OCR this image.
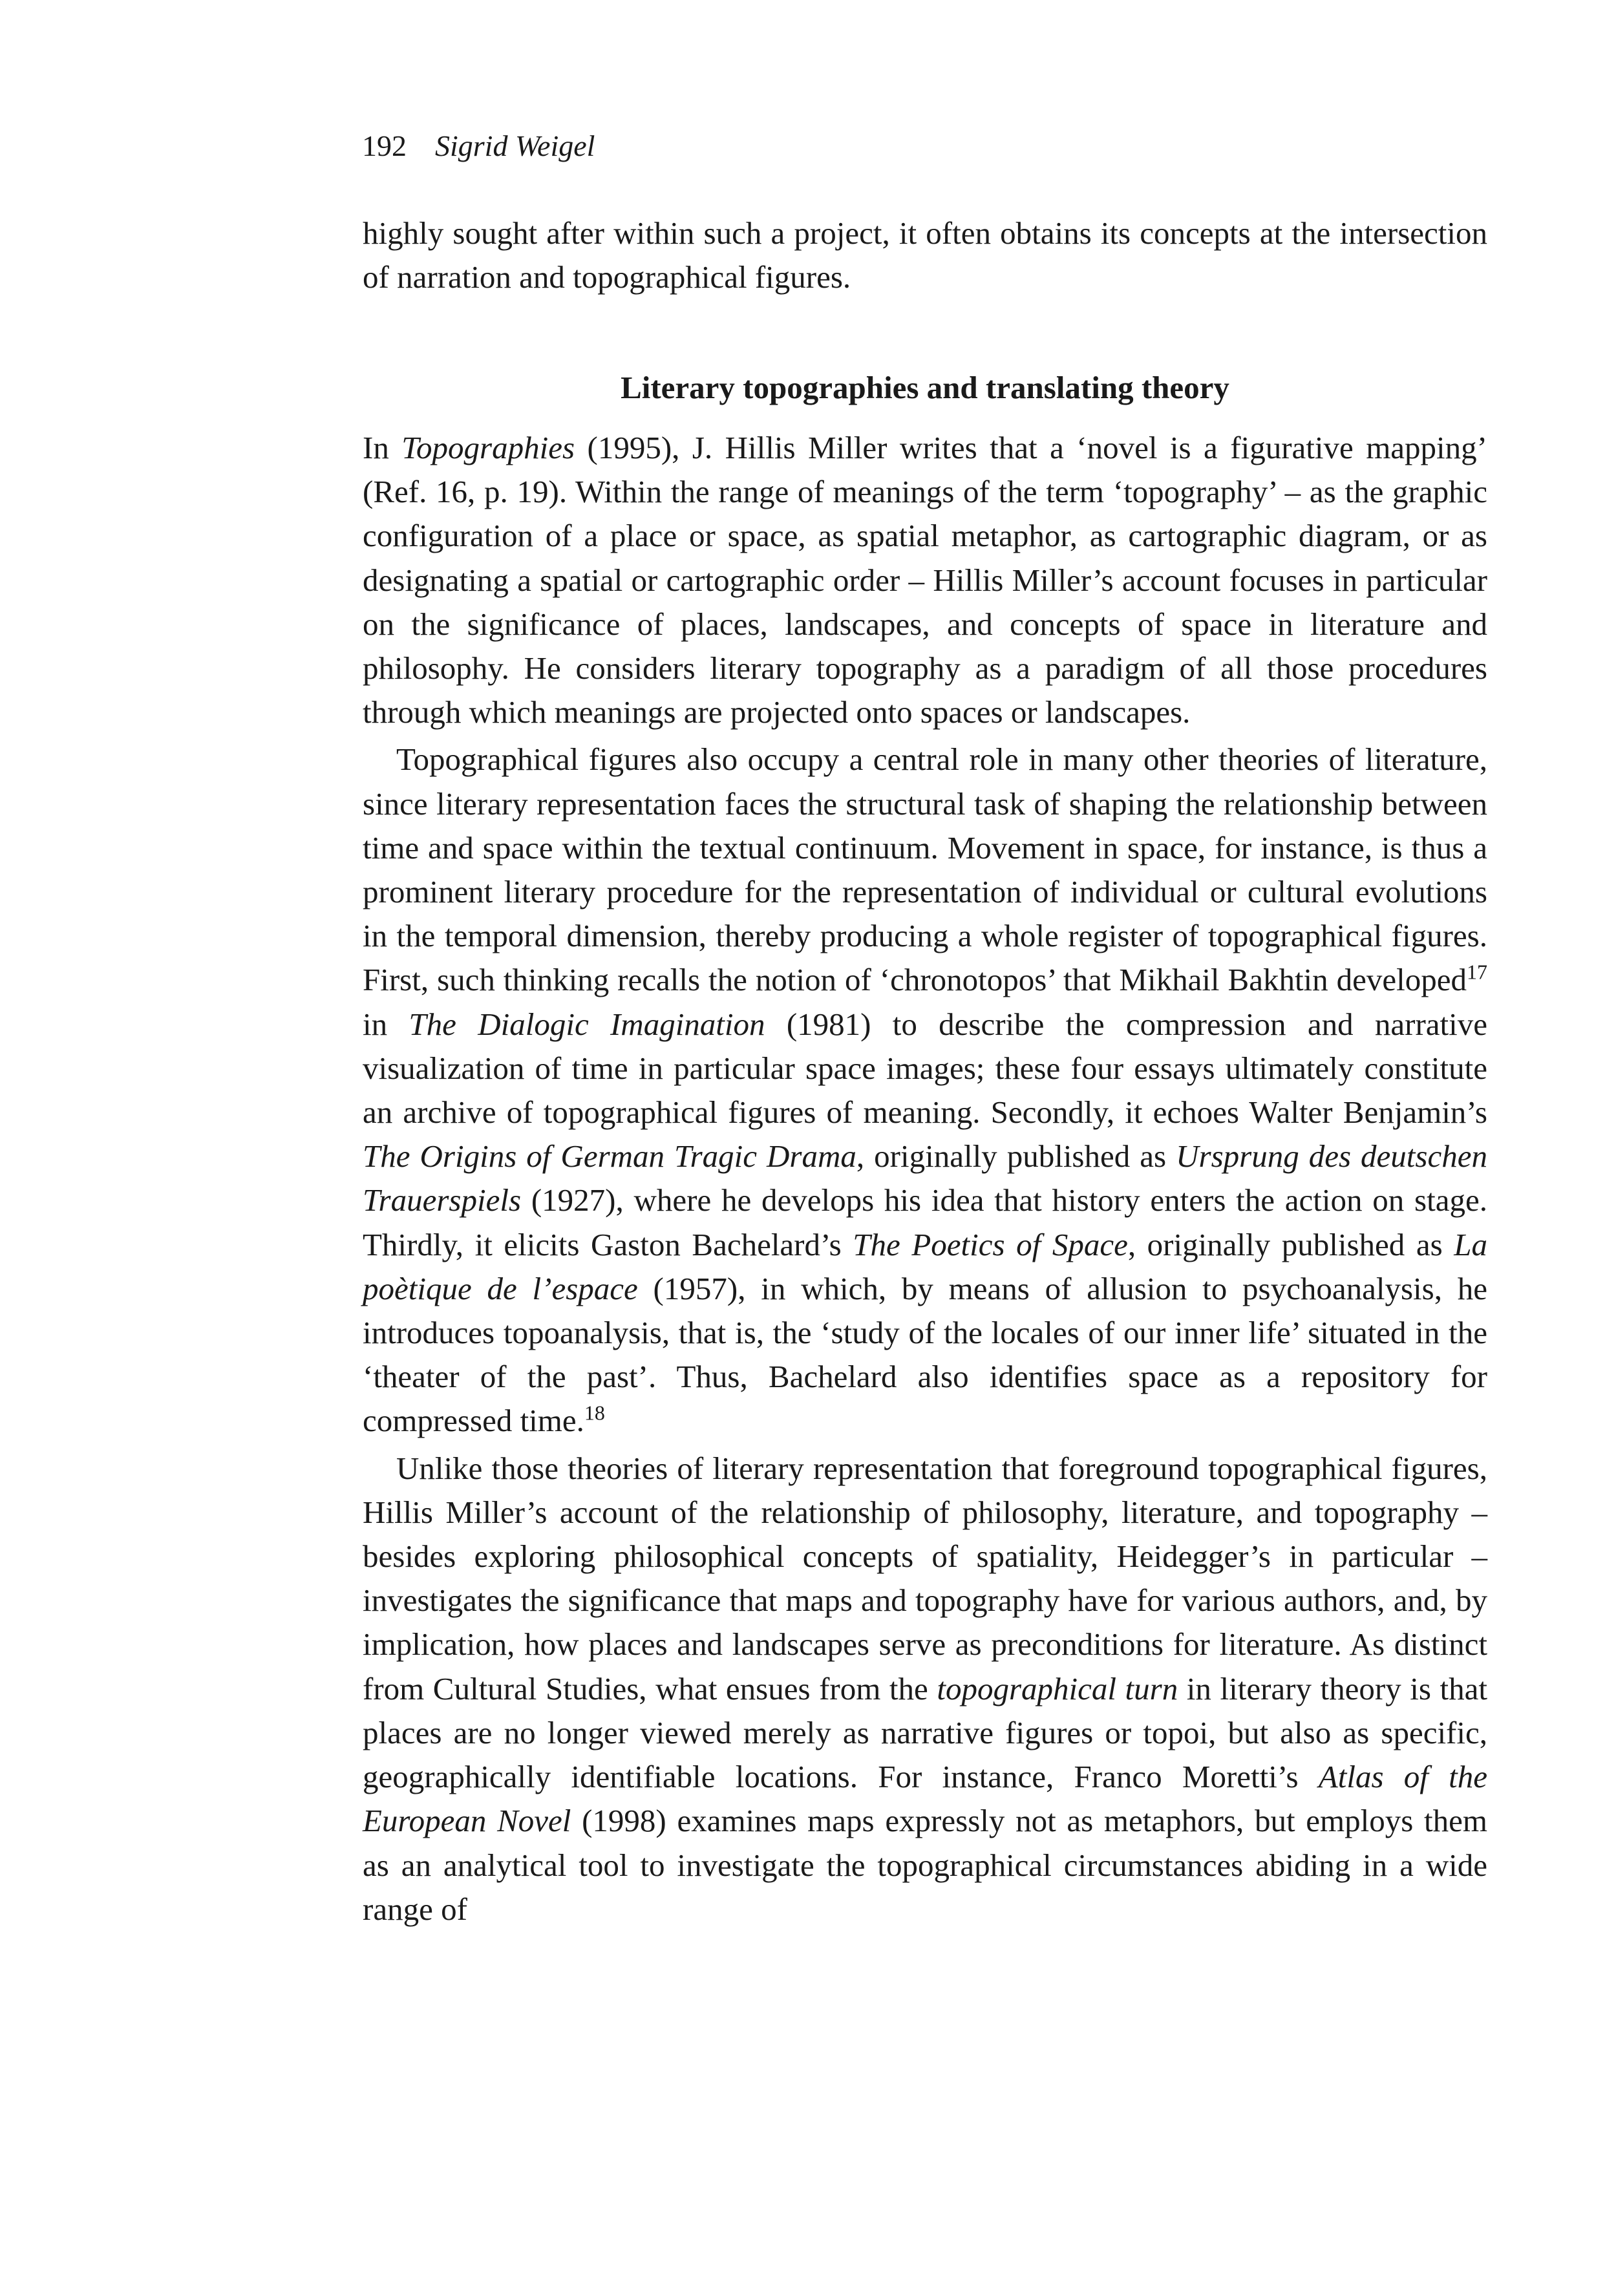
192 Sigrid Weigel

highly sought after within such a project, it often obtains its concepts at the intersection of narration and topographical figures.

Literary topographies and translating theory

In Topographies (1995), J. Hillis Miller writes that a ‘novel is a figurative mapping’ (Ref. 16, p. 19). Within the range of meanings of the term ‘topography’ – as the graphic configuration of a place or space, as spatial metaphor, as cartographic diagram, or as designating a spatial or cartographic order – Hillis Miller’s account focuses in particular on the significance of places, landscapes, and concepts of space in literature and philosophy. He considers literary topography as a paradigm of all those procedures through which meanings are projected onto spaces or landscapes.

Topographical figures also occupy a central role in many other theories of literature, since literary representation faces the structural task of shaping the relationship between time and space within the textual continuum. Movement in space, for instance, is thus a prominent literary procedure for the representation of individual or cultural evolutions in the temporal dimension, thereby producing a whole register of topographical figures. First, such thinking recalls the notion of ‘chronotopos’ that Mikhail Bakhtin developed$^{17}$ in The Dialogic Imagination (1981) to describe the compression and narrative visualization of time in particular space images; these four essays ultimately constitute an archive of topographical figures of meaning. Secondly, it echoes Walter Benjamin’s The Origins of German Tragic Drama, originally published as Ursprung des deutschen Trauerspiels (1927), where he develops his idea that history enters the action on stage. Thirdly, it elicits Gaston Bachelard’s The Poetics of Space, originally published as La poètique de l’espace (1957), in which, by means of allusion to psychoanalysis, he introduces topoanalysis, that is, the ‘study of the locales of our inner life’ situated in the ‘theater of the past’. Thus, Bachelard also identifies space as a repository for compressed time.$^{18}$

Unlike those theories of literary representation that foreground topographical figures, Hillis Miller’s account of the relationship of philosophy, literature, and topography – besides exploring philosophical concepts of spatiality, Heidegger’s in particular – investigates the significance that maps and topography have for various authors, and, by implication, how places and landscapes serve as preconditions for literature. As distinct from Cultural Studies, what ensues from the topographical turn in literary theory is that places are no longer viewed merely as narrative figures or topoi, but also as specific, geographically identifiable locations. For instance, Franco Moretti’s Atlas of the European Novel (1998) examines maps expressly not as metaphors, but employs them as an analytical tool to investigate the topographical circumstances abiding in a wide range of
